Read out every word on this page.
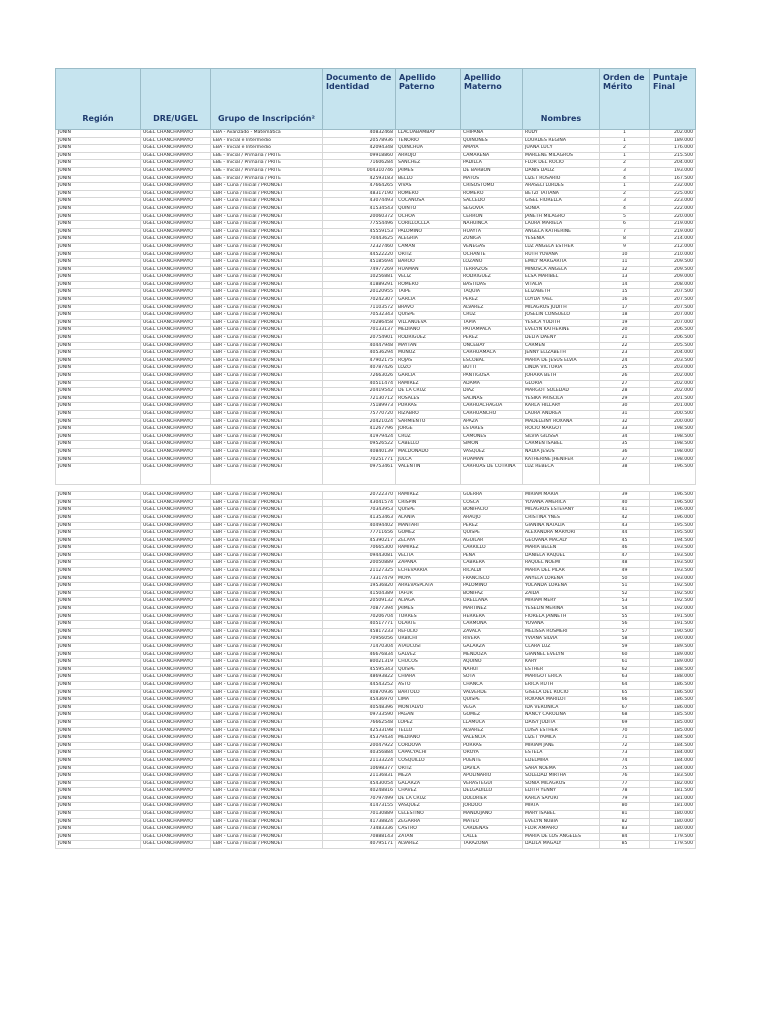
Región	DRE/UGEL	Grupo de Inscripción²	Documento de Identidad	Apellido Paterno	Apellido Materno	Nombres	Orden de Mérito	Puntaje Final
JUNIN	UGEL CHANCHAMAYO	EBA - Avanzado - Matemática	40832468	LLACUABAMBAY	CHIPANA	RUDY	1	202.000
JUNIN	UGEL CHANCHAMAYO	EBA - Inicial e Intermedio	20578936	TENORIO	QUIÑONES	LOURDES REGINA	1	189.000
JUNIN	UGEL CHANCHAMAYO	EBA - Inicial e Intermedio	42094348	QUINCHUA	AMAYA	JUANA LUCY	2	176.000
JUNIN	UGEL CHANCHAMAYO	EBE - Inicial / Primaria / PRITE	09918860	ARROJO	CAMARENA	MARLENE MILAGROS	1	215.500
JUNIN	UGEL CHANCHAMAYO	EBE - Inicial / Primaria / PRITE	71606284	SANCHEZ	PADILLA	FLOR DEL ROCIO	2	204.000
JUNIN	UGEL CHANCHAMAYO	EBE - Inicial / Primaria / PRITE	004310746	JAIMES	DE BARBON	DANIS DALIZ	3	193.000
JUNIN	UGEL CHANCHAMAYO	EBE - Inicial / Primaria / PRITE	42593183	BELLO	MATOS	LIZET ROSARIO	4	167.500
JUNIN	UGEL CHANCHAMAYO	EBR - Cuna / Inicial / PRONOEI	47664265	VIVAS	CRISOSTOMO	ARASELI LURDES	1	232.000
JUNIN	UGEL CHANCHAMAYO	EBR - Cuna / Inicial / PRONOEI	48317190	ROMERO	ROMERO	BETZI TATIANA	2	225.000
JUNIN	UGEL CHANCHAMAYO	EBR - Cuna / Inicial / PRONOEI	43074493	COCAÑOSA	SALCEDO	GISEL FIORELLA	3	223.000
JUNIN	UGEL CHANCHAMAYO	EBR - Cuna / Inicial / PRONOEI	41534543	QUINTO	SEGOVIA	SONIA	4	222.000
JUNIN	UGEL CHANCHAMAYO	EBR - Cuna / Inicial / PRONOEI	20060372	OCHOA	CERRON	JANETH MILAGRO	5	220.000
JUNIN	UGEL CHANCHAMAYO	EBR - Cuna / Inicial / PRONOEI	77554496	CORILLOCLLA	ÑAHUINCA	LAURA MARIELA	6	219.000
JUNIN	UGEL CHANCHAMAYO	EBR - Cuna / Inicial / PRONOEI	45559153	PALOMINO	HUAYTA	ANGELA KATHERINE	7	219.000
JUNIN	UGEL CHANCHAMAYO	EBR - Cuna / Inicial / PRONOEI	70443625	ALEGRIA	ZUNIGA	YESENIA	8	214.000
JUNIN	UGEL CHANCHAMAYO	EBR - Cuna / Inicial / PRONOEI	72327460	CAMAN	VENEGAS	LUZ ANGELA ESTHER	9	212.000
JUNIN	UGEL CHANCHAMAYO	EBR - Cuna / Inicial / PRONOEI	44522220	ORTIZ	OCHANTE	RUTH YOVANA	10	210.000
JUNIN	UGEL CHANCHAMAYO	EBR - Cuna / Inicial / PRONOEI	45185694	BAROO	LOZANO	EMILY MARGARITA	11	209.500
JUNIN	UGEL CHANCHAMAYO	EBR - Cuna / Inicial / PRONOEI	74977269	HUAMAN	TERRAZOS	MINOSCA ANGELA	12	209.500
JUNIN	UGEL CHANCHAMAYO	EBR - Cuna / Inicial / PRONOEI	10256881	VELIZ	RODRIGUEZ	ELSA MARIBEL	13	209.000
JUNIN	UGEL CHANCHAMAYO	EBR - Cuna / Inicial / PRONOEI	41889291	ROMERO	BASTIDAS	VITALIA	14	208.000
JUNIN	UGEL CHANCHAMAYO	EBR - Cuna / Inicial / PRONOEI	20120955	TAIPE	TAQUIA	ELIZABETH	15	207.500
JUNIN	UGEL CHANCHAMAYO	EBR - Cuna / Inicial / PRONOEI	70242307	GARCIA	PEREZ	LOYDA YAEL	16	207.500
JUNIN	UGEL CHANCHAMAYO	EBR - Cuna / Inicial / PRONOEI	71103572	BRAVO	ALVAREZ	MILAGROS JUDITH	17	207.500
JUNIN	UGEL CHANCHAMAYO	EBR - Cuna / Inicial / PRONOEI	70532343	QUISPE	CRUZ	JOSELIN CONSUELO	18	207.000
JUNIN	UGEL CHANCHAMAYO	EBR - Cuna / Inicial / PRONOEI	70286458	VILLANUEVA	TAPIA	YESICA YUDITH	19	207.000
JUNIN	UGEL CHANCHAMAYO	EBR - Cuna / Inicial / PRONOEI	70133137	MEDIANO	PAITAMPALA	EVELYN KATHERINE	20	206.500
JUNIN	UGEL CHANCHAMAYO	EBR - Cuna / Inicial / PRONOEI	20754901	RODRIGUEZ	PEREZ	DELTA DAENY	21	206.500
JUNIN	UGEL CHANCHAMAYO	EBR - Cuna / Inicial / PRONOEI	40447948	MAYTAN	ONCEBAY	CARMEN	22	205.500
JUNIN	UGEL CHANCHAMAYO	EBR - Cuna / Inicial / PRONOEI	40536294	MUÑOZ	CARHUAMACA	JENNY ELIZABETH	23	204.000
JUNIN	UGEL CHANCHAMAYO	EBR - Cuna / Inicial / PRONOEI	47902175	ROJAS	ESCOBAL	MARIA DE JESUS ELVIA	24	203.500
JUNIN	UGEL CHANCHAMAYO	EBR - Cuna / Inicial / PRONOEI	40787426	LOZO	BUTTI	LINDA VICTORIA	25	203.000
JUNIN	UGEL CHANCHAMAYO	EBR - Cuna / Inicial / PRONOEI	72663026	GARCIA	PANTIGOSA	JOHARA BETH	26	202.000
JUNIN	UGEL CHANCHAMAYO	EBR - Cuna / Inicial / PRONOEI	40511474	RAMIREZ	ADAMA	GLORIA	27	202.000
JUNIN	UGEL CHANCHAMAYO	EBR - Cuna / Inicial / PRONOEI	20419542	DE LA CRUZ	DIAZ	MARGOT SOLEDAD	28	202.000
JUNIN	UGEL CHANCHAMAYO	EBR - Cuna / Inicial / PRONOEI	72130712	ROSALES	SALINAS	YESIKA PRISCILA	29	201.500
JUNIN	UGEL CHANCHAMAYO	EBR - Cuna / Inicial / PRONOEI	75189973	PORRAS	CARHUACHAGUA	KARLA HILLARY	30	201.000
JUNIN	UGEL CHANCHAMAYO	EBR - Cuna / Inicial / PRONOEI	75770720	RIZABRO	CARHUANCHO	LAURA ANDREA	31	200.500
JUNIN	UGEL CHANCHAMAYO	EBR - Cuna / Inicial / PRONOEI	20421024	SARMIENTO	APAZA	MADELEINY ROXANA	32	200.000
JUNIN	UGEL CHANCHAMAYO	EBR - Cuna / Inicial / PRONOEI	41267796	JORGE	ESTARES	ROCIO MARGOT	33	198.500
JUNIN	UGEL CHANCHAMAYO	EBR - Cuna / Inicial / PRONOEI	41979424	CRUZ	CAMONES	SILVIA GILISSA	34	198.500
JUNIN	UGEL CHANCHAMAYO	EBR - Cuna / Inicial / PRONOEI	09526522	CABELLO	SIMON	CARMEN ISABEL	35	198.500
JUNIN	UGEL CHANCHAMAYO	EBR - Cuna / Inicial / PRONOEI	40840139	MALDONADO	VASQUEZ	NADIA JESUS	36	198.000
JUNIN	UGEL CHANCHAMAYO	EBR - Cuna / Inicial / PRONOEI	70251771	JULCA	HUAMAN	KATHERINE JHENIFER	37	198.000
JUNIN	UGEL CHANCHAMAYO	EBR - Cuna / Inicial / PRONOEI	09753461	VALENTIN	CARHUAS DE COTRINA	LUZ REBECA	38	196.500

JUNIN	UGEL CHANCHAMAYO	EBR - Cuna / Inicial / PRONOEI	20722370	RAMIREZ	GUERRA	MIRIAM MARIA	39	196.500
JUNIN	UGEL CHANCHAMAYO	EBR - Cuna / Inicial / PRONOEI	43041574	CRISPIN	COSCA	YOVANA AMERICA	40	196.500
JUNIN	UGEL CHANCHAMAYO	EBR - Cuna / Inicial / PRONOEI	70343953	QUISPE	BONIFACIO	MILAGROS ESTEFANY	41	196.000
JUNIN	UGEL CHANCHAMAYO	EBR - Cuna / Inicial / PRONOEI	41353463	ALANIA	ARAUJO	CRISTINA YNES	42	196.000
JUNIN	UGEL CHANCHAMAYO	EBR - Cuna / Inicial / PRONOEI	40494402	MANTARI	PEREZ	GIANINA NATALIA	43	195.500
JUNIN	UGEL CHANCHAMAYO	EBR - Cuna / Inicial / PRONOEI	77711656	GOMEZ	QUISPE	ALEXANDRA MARYORI	44	195.500
JUNIN	UGEL CHANCHAMAYO	EBR - Cuna / Inicial / PRONOEI	45390217	ZELAYA	AGUILAR	GEOVANA MACALY	45	194.500
JUNIN	UGEL CHANCHAMAYO	EBR - Cuna / Inicial / PRONOEI	70665300	RAMIREZ	CARRILLO	MARIA BELEN	46	193.500
JUNIN	UGEL CHANCHAMAYO	EBR - Cuna / Inicial / PRONOEI	09443081	VELITA	PEÑA	DANIELA RAQUEL	47	193.500
JUNIN	UGEL CHANCHAMAYO	EBR - Cuna / Inicial / PRONOEI	20050889	ZAPANA	CABRERA	RAQUEL NOEMI	48	193.500
JUNIN	UGEL CHANCHAMAYO	EBR - Cuna / Inicial / PRONOEI	21127325	ECHEVARRIA	RICALDI	MARIA DEL PILAR	49	193.500
JUNIN	UGEL CHANCHAMAYO	EBR - Cuna / Inicial / PRONOEI	73317479	MOYA	FRANCISCO	ANYELA LORENA	50	193.000
JUNIN	UGEL CHANCHAMAYO	EBR - Cuna / Inicial / PRONOEI	19536820	ARREVASPLATA	PALOMINO	YOLANDA LORENA	51	192.500
JUNIN	UGEL CHANCHAMAYO	EBR - Cuna / Inicial / PRONOEI	41504389	TAFUR	BONIFAZ	ZAIDA	52	192.500
JUNIN	UGEL CHANCHAMAYO	EBR - Cuna / Inicial / PRONOEI	20509132	ALIAGA	ORELLANA	MIRIAM MERY	53	192.500
JUNIN	UGEL CHANCHAMAYO	EBR - Cuna / Inicial / PRONOEI	70877394	JAIMES	MARTINEZ	YESELIN MERINA	54	192.000
JUNIN	UGEL CHANCHAMAYO	EBR - Cuna / Inicial / PRONOEI	70206704	TORRES	HERRERA	FIORELA JANNETH	55	191.500
JUNIN	UGEL CHANCHAMAYO	EBR - Cuna / Inicial / PRONOEI	40517771	OLARTE	CARMONA	YOVANA	56	191.500
JUNIN	UGEL CHANCHAMAYO	EBR - Cuna / Inicial / PRONOEI	45817233	REFULIO	ZAVALA	MELISSA ROSMERI	57	190.500
JUNIN	UGEL CHANCHAMAYO	EBR - Cuna / Inicial / PRONOEI	70956056	URBICHI	RIVERA	YVIANA SILVIA	58	190.000
JUNIN	UGEL CHANCHAMAYO	EBR - Cuna / Inicial / PRONOEI	71470304	ATAUCUSI	GALARZA	CLARA LUZ	59	189.500
JUNIN	UGEL CHANCHAMAYO	EBR - Cuna / Inicial / PRONOEI	46676834	GALVEZ	MENDOZA	GIANNEL EVELYN	60	189.000
JUNIN	UGEL CHANCHAMAYO	EBR - Cuna / Inicial / PRONOEI	80021319	CHUCOS	AQUINO	KARY	61	189.000
JUNIN	UGEL CHANCHAMAYO	EBR - Cuna / Inicial / PRONOEI	45595343	QUISPE	ÑAHUI	ESTHER	62	188.500
JUNIN	UGEL CHANCHAMAYO	EBR - Cuna / Inicial / PRONOEI	48693822	CHIARA	SOTA	MARIGOT ERICA	63	188.000
JUNIN	UGEL CHANCHAMAYO	EBR - Cuna / Inicial / PRONOEI	44543252	ASTO	CHANCA	ERICA RUTH	64	186.500
JUNIN	UGEL CHANCHAMAYO	EBR - Cuna / Inicial / PRONOEI	40870936	BARTOLO	VALVERDE	GISELA DEL ROCIO	65	186.500
JUNIN	UGEL CHANCHAMAYO	EBR - Cuna / Inicial / PRONOEI	45436970	LIMA	QUISPE	ROXANA MARILOT	66	186.500
JUNIN	UGEL CHANCHAMAYO	EBR - Cuna / Inicial / PRONOEI	40548396	MONTALVO	VEGA	IDA VERONICA	67	186.000
JUNIN	UGEL CHANCHAMAYO	EBR - Cuna / Inicial / PRONOEI	09733590	PAGAN	GOMEZ	NANCY CAROLINA	68	185.500
JUNIN	UGEL CHANCHAMAYO	EBR - Cuna / Inicial / PRONOEI	76662548	LOPEZ	LLAMUCA	DAISY JUDITA	69	185.000
JUNIN	UGEL CHANCHAMAYO	EBR - Cuna / Inicial / PRONOEI	42533198	TELLO	ALVAREZ	LUISA ESTHER	70	185.000
JUNIN	UGEL CHANCHAMAYO	EBR - Cuna / Inicial / PRONOEI	45379434	MEDIANO	VALENCIA	LIZET YAMILA	71	184.500
JUNIN	UGEL CHANCHAMAYO	EBR - Cuna / Inicial / PRONOEI	20047922	CORDOVA	PORRAS	MIRIAM JANE	72	184.500
JUNIN	UGEL CHANCHAMAYO	EBR - Cuna / Inicial / PRONOEI	40356884	CAPACYACHI	OROYA	ESTELA	73	184.000
JUNIN	UGEL CHANCHAMAYO	EBR - Cuna / Inicial / PRONOEI	21133224	COSQUILLO	PUENTE	EDELMIRA	74	184.000
JUNIN	UGEL CHANCHAMAYO	EBR - Cuna / Inicial / PRONOEI	10698377	ORTIZ	DAVILA	SARA NOEMA	75	184.000
JUNIN	UGEL CHANCHAMAYO	EBR - Cuna / Inicial / PRONOEI	21136831	MEZA	APOLINARIO	SOLEDAD MIRTHA	76	183.500
JUNIN	UGEL CHANCHAMAYO	EBR - Cuna / Inicial / PRONOEI	45430054	GALARZA	VERASTEGUI	SONIA MILAGROS	77	182.000
JUNIN	UGEL CHANCHAMAYO	EBR - Cuna / Inicial / PRONOEI	40248816	CHAVEZ	DELGADILLO	EDITH YENNY	78	181.500
JUNIN	UGEL CHANCHAMAYO	EBR - Cuna / Inicial / PRONOEI	70797499	DE LA CRUZ	DOLORIER	KARLA SAYURI	79	181.000
JUNIN	UGEL CHANCHAMAYO	EBR - Cuna / Inicial / PRONOEI	41473155	VASQUEZ	JORDOO	MIRTA	80	181.000
JUNIN	UGEL CHANCHAMAYO	EBR - Cuna / Inicial / PRONOEI	70130889	CELESTINO	MANDUJANO	MARY ISABEL	81	180.000
JUNIN	UGEL CHANCHAMAYO	EBR - Cuna / Inicial / PRONOEI	41738824	ZEGARRA	MATEO	EVELYN NUBIA	82	180.000
JUNIN	UGEL CHANCHAMAYO	EBR - Cuna / Inicial / PRONOEI	73483336	CASTRO	CARDENAS	FLOR AMPARO	83	180.000
JUNIN	UGEL CHANCHAMAYO	EBR - Cuna / Inicial / PRONOEI	70888143	ZATAN	CALLE	MARIA DE LOS ANGELES	84	179.500
JUNIN	UGEL CHANCHAMAYO	EBR - Cuna / Inicial / PRONOEI	40795171	ALVAREZ	TARAZONA	DALILA MAGALY	85	179.500
